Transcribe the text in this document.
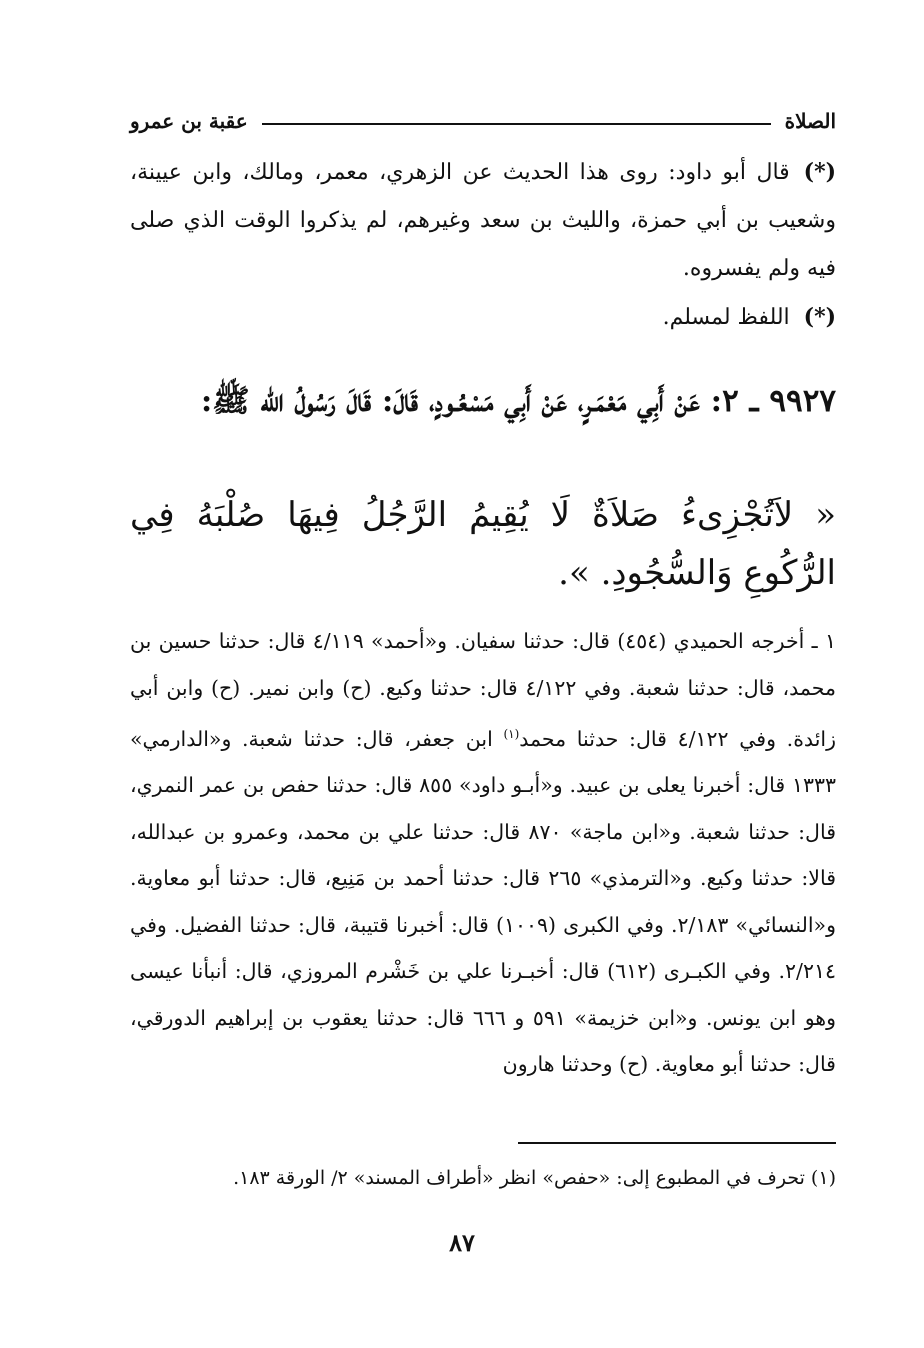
الصلاة
عقبة بن عمرو

(*)قال أبو داود: روى هذا الحديث عن الزهري، معمر، ومالك، وابن عيينة، وشعيب بن أبي حمزة، والليث بن سعد وغيرهم، لم يذكروا الوقت الذي صلى فيه ولم يفسروه.

(*)اللفظ لمسلم.

٩٩٢٧ ـ ٢: عَنْ أَبِي مَعْمَـرٍ، عَنْ أَبِي مَسْعُـودٍ، قَالَ: قَالَ رَسُولُ الله ﷺ:

« لاَتُجْزِىءُ صَلاَةٌ لَا يُقِيمُ الرَّجُلُ فِيهَا صُلْبَهُ فِي الرُّكُوعِ وَالسُّجُودِ. ».

١ ـ أخرجه الحميدي (٤٥٤) قال: حدثنا سفيان. و«أحمد» ٤/١١٩ قال: حدثنا حسين بن محمد، قال: حدثنا شعبة. وفي ٤/١٢٢ قال: حدثنا وكيع. (ح) وابن نمير. (ح) وابن أبي زائدة. وفي ٤/١٢٢ قال: حدثنا محمد$^{(١)}$ ابن جعفر، قال: حدثنا شعبة. و«الدارمي» ١٣٣٣ قال: أخبرنا يعلى بن عبيد. و«أبـو داود» ٨٥٥ قال: حدثنا حفص بن عمر النمري، قال: حدثنا شعبة. و«ابن ماجة» ٨٧٠ قال: حدثنا علي بن محمد، وعمرو بن عبدالله، قالا: حدثنا وكيع. و«الترمذي» ٢٦٥ قال: حدثنا أحمد بن مَنِيع، قال: حدثنا أبو معاوية. و«النسائي» ٢/١٨٣. وفي الكبرى (١٠٠٩) قال: أخبرنا قتيبة، قال: حدثنا الفضيل. وفي ٢/٢١٤. وفي الكبـرى (٦١٢) قال: أخبـرنا علي بن خَشْرم المروزي، قال: أنبأنا عيسى وهو ابن يونس. و«ابن خزيمة» ٥٩١ و ٦٦٦ قال: حدثنا يعقوب بن إبراهيم الدورقي، قال: حدثنا أبو معاوية. (ح) وحدثنا هارون

(١) تحرف في المطبوع إلى: «حفص» انظر «أطراف المسند» ٢/ الورقة ١٨٣.
٨٧
